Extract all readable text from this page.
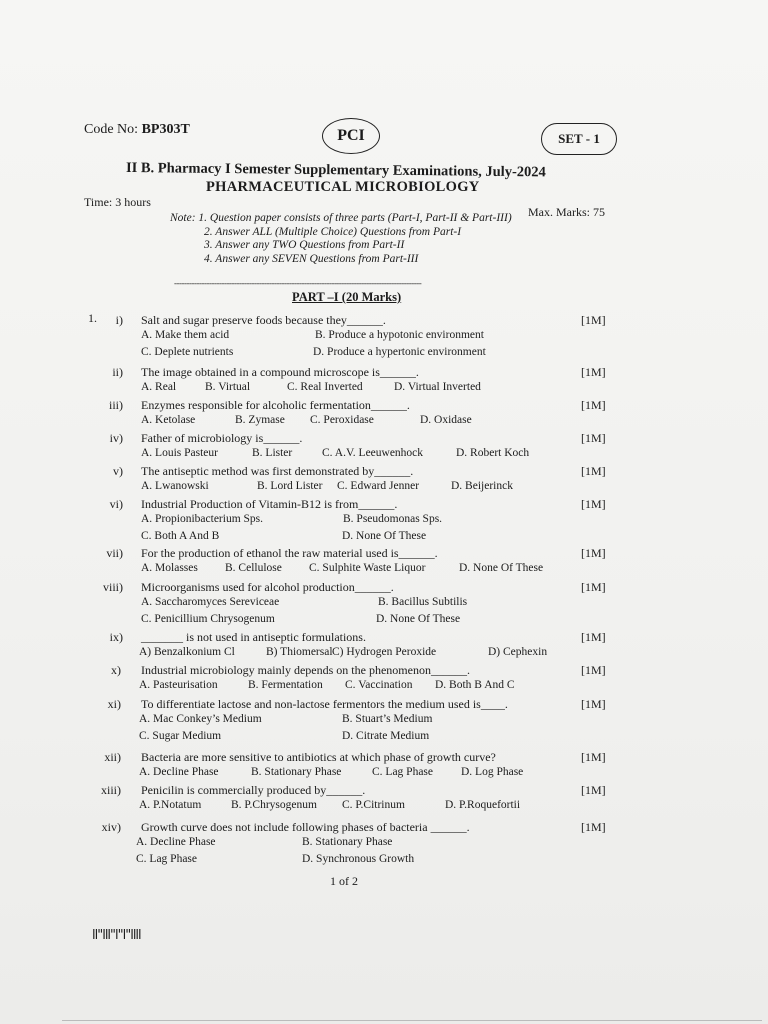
Code No: BP303T	PCI	SET - 1
II B. Pharmacy I Semester Supplementary Examinations, July-2024
PHARMACEUTICAL MICROBIOLOGY
Time: 3 hours
Max. Marks: 75
Note: 1. Question paper consists of three parts (Part-I, Part-II & Part-III)
2. Answer ALL (Multiple Choice) Questions from Part-I
3. Answer any TWO Questions from Part-II
4. Answer any SEVEN Questions from Part-III
---------------------------------------------------------------------------------------------------
PART –I (20 Marks)
1.	i) Salt and sugar preserve foods because they______.	[1M]
A. Make them acid	B. Produce a hypotonic environment
C. Deplete nutrients	D. Produce a hypertonic environment
ii) The image obtained in a compound microscope is______.	[1M]
A. Real	B. Virtual	C. Real Inverted	D. Virtual Inverted
iii) Enzymes responsible for alcoholic fermentation______.	[1M]
A. Ketolase	B. Zymase C. Peroxidase	D. Oxidase
iv) Father of microbiology is______.	[1M]
A. Louis Pasteur	B. Lister	C. A.V. Leeuwenhock	D. Robert Koch
v) The antiseptic method was first demonstrated by______.	[1M]
A. Lwanowski	B. Lord Lister C. Edward Jenner	D. Beijerinck
vi) Industrial Production of Vitamin-B12 is from______.	[1M]
A. Propionibacterium Sps.	B. Pseudomonas Sps.
C. Both A And B	D. None Of These
vii) For the production of ethanol the raw material used is______.	[1M]
A. Molasses B. Cellulose C. Sulphite Waste Liquor	D. None Of These
viii) Microorganisms used for alcohol production______.	[1M]
A. Saccharomyces Sereviceae	B. Bacillus Subtilis
C. Penicillium Chrysogenum	D. None Of These
ix) _______ is not used in antiseptic formulations.	[1M]
A) Benzalkonium Cl	B) Thiomersal C) Hydrogen Peroxide	D) Cephexin
x) Industrial microbiology mainly depends on the phenomenon______.	[1M]
A. Pasteurisation	B. Fermentation C. Vaccination D. Both B And C
xi) To differentiate lactose and non-lactose fermentors the medium used is____.	[1M]
A. Mac Conkey’s Medium	B. Stuart’s Medium
C. Sugar Medium	D. Citrate Medium
xii) Bacteria are more sensitive to antibiotics at which phase of growth curve?	[1M]
A. Decline Phase	B. Stationary Phase	C. Lag Phase D. Log Phase
xiii) Penicilin is commercially produced by______.	[1M]
A. P.Notatum	B. P.Chrysogenum C. P.Citrinum	D. P.Roquefortii
xiv) Growth curve does not include following phases of bacteria ______.	[1M]
A. Decline Phase	B. Stationary Phase
C. Lag Phase	D. Synchronous Growth
1 of 2
ll"lll"l"l"llll
